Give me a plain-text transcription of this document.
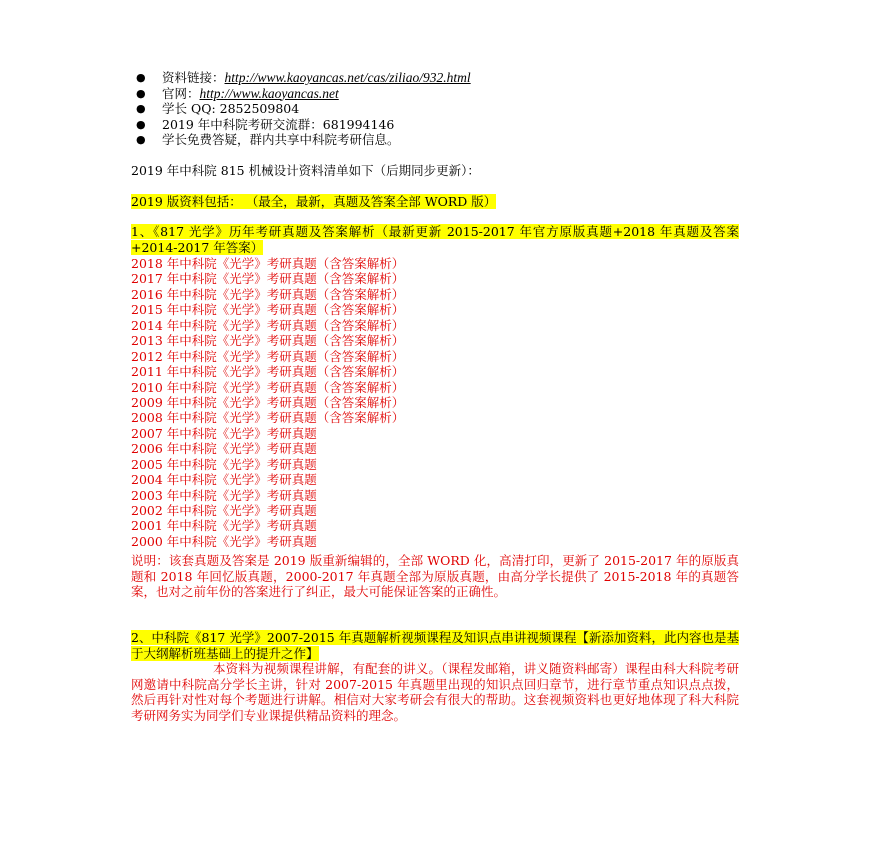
● 资料链接：http://www.kaoyancas.net/cas/ziliao/932.html
● 官网：http://www.kaoyancas.net
● 学长 QQ: 2852509804
● 2019 年中科院考研交流群：681994146
● 学长免费答疑，群内共享中科院考研信息。
2019 年中科院 815 机械设计资料清单如下（后期同步更新）：
2019 版资料包括： （最全，最新，真题及答案全部 WORD 版）
1、《817 光学》历年考研真题及答案解析（最新更新 2015-2017 年官方原版真题+2018 年真题及答案+2014-2017 年答案）
2018 年中科院《光学》考研真题（含答案解析）
2017 年中科院《光学》考研真题（含答案解析）
2016 年中科院《光学》考研真题（含答案解析）
2015 年中科院《光学》考研真题（含答案解析）
2014 年中科院《光学》考研真题（含答案解析）
2013 年中科院《光学》考研真题（含答案解析）
2012 年中科院《光学》考研真题（含答案解析）
2011 年中科院《光学》考研真题（含答案解析）
2010 年中科院《光学》考研真题（含答案解析）
2009 年中科院《光学》考研真题（含答案解析）
2008 年中科院《光学》考研真题（含答案解析）
2007 年中科院《光学》考研真题
2006 年中科院《光学》考研真题
2005 年中科院《光学》考研真题
2004 年中科院《光学》考研真题
2003 年中科院《光学》考研真题
2002 年中科院《光学》考研真题
2001 年中科院《光学》考研真题
2000 年中科院《光学》考研真题
说明：该套真题及答案是 2019 版重新编辑的，全部 WORD 化，高清打印，更新了 2015-2017 年的原版真题和 2018 年回忆版真题，2000-2017 年真题全部为原版真题，由高分学长提供了 2015-2018 年的真题答案，也对之前年份的答案进行了纠正，最大可能保证答案的正确性。
2、中科院《817 光学》2007-2015 年真题解析视频课程及知识点串讲视频课程【新添加资料，此内容也是基于大纲解析班基础上的提升之作】
本资料为视频课程讲解，有配套的讲义。（课程发邮箱，讲义随资料邮寄）课程由科大科院考研网邀请中科院高分学长主讲，针对 2007-2015 年真题里出现的知识点回归章节，进行章节重点知识点点拨，然后再针对性对每个考题进行讲解。相信对大家考研会有很大的帮助。这套视频资料也更好地体现了科大科院考研网务实为同学们专业课提供精品资料的理念。
